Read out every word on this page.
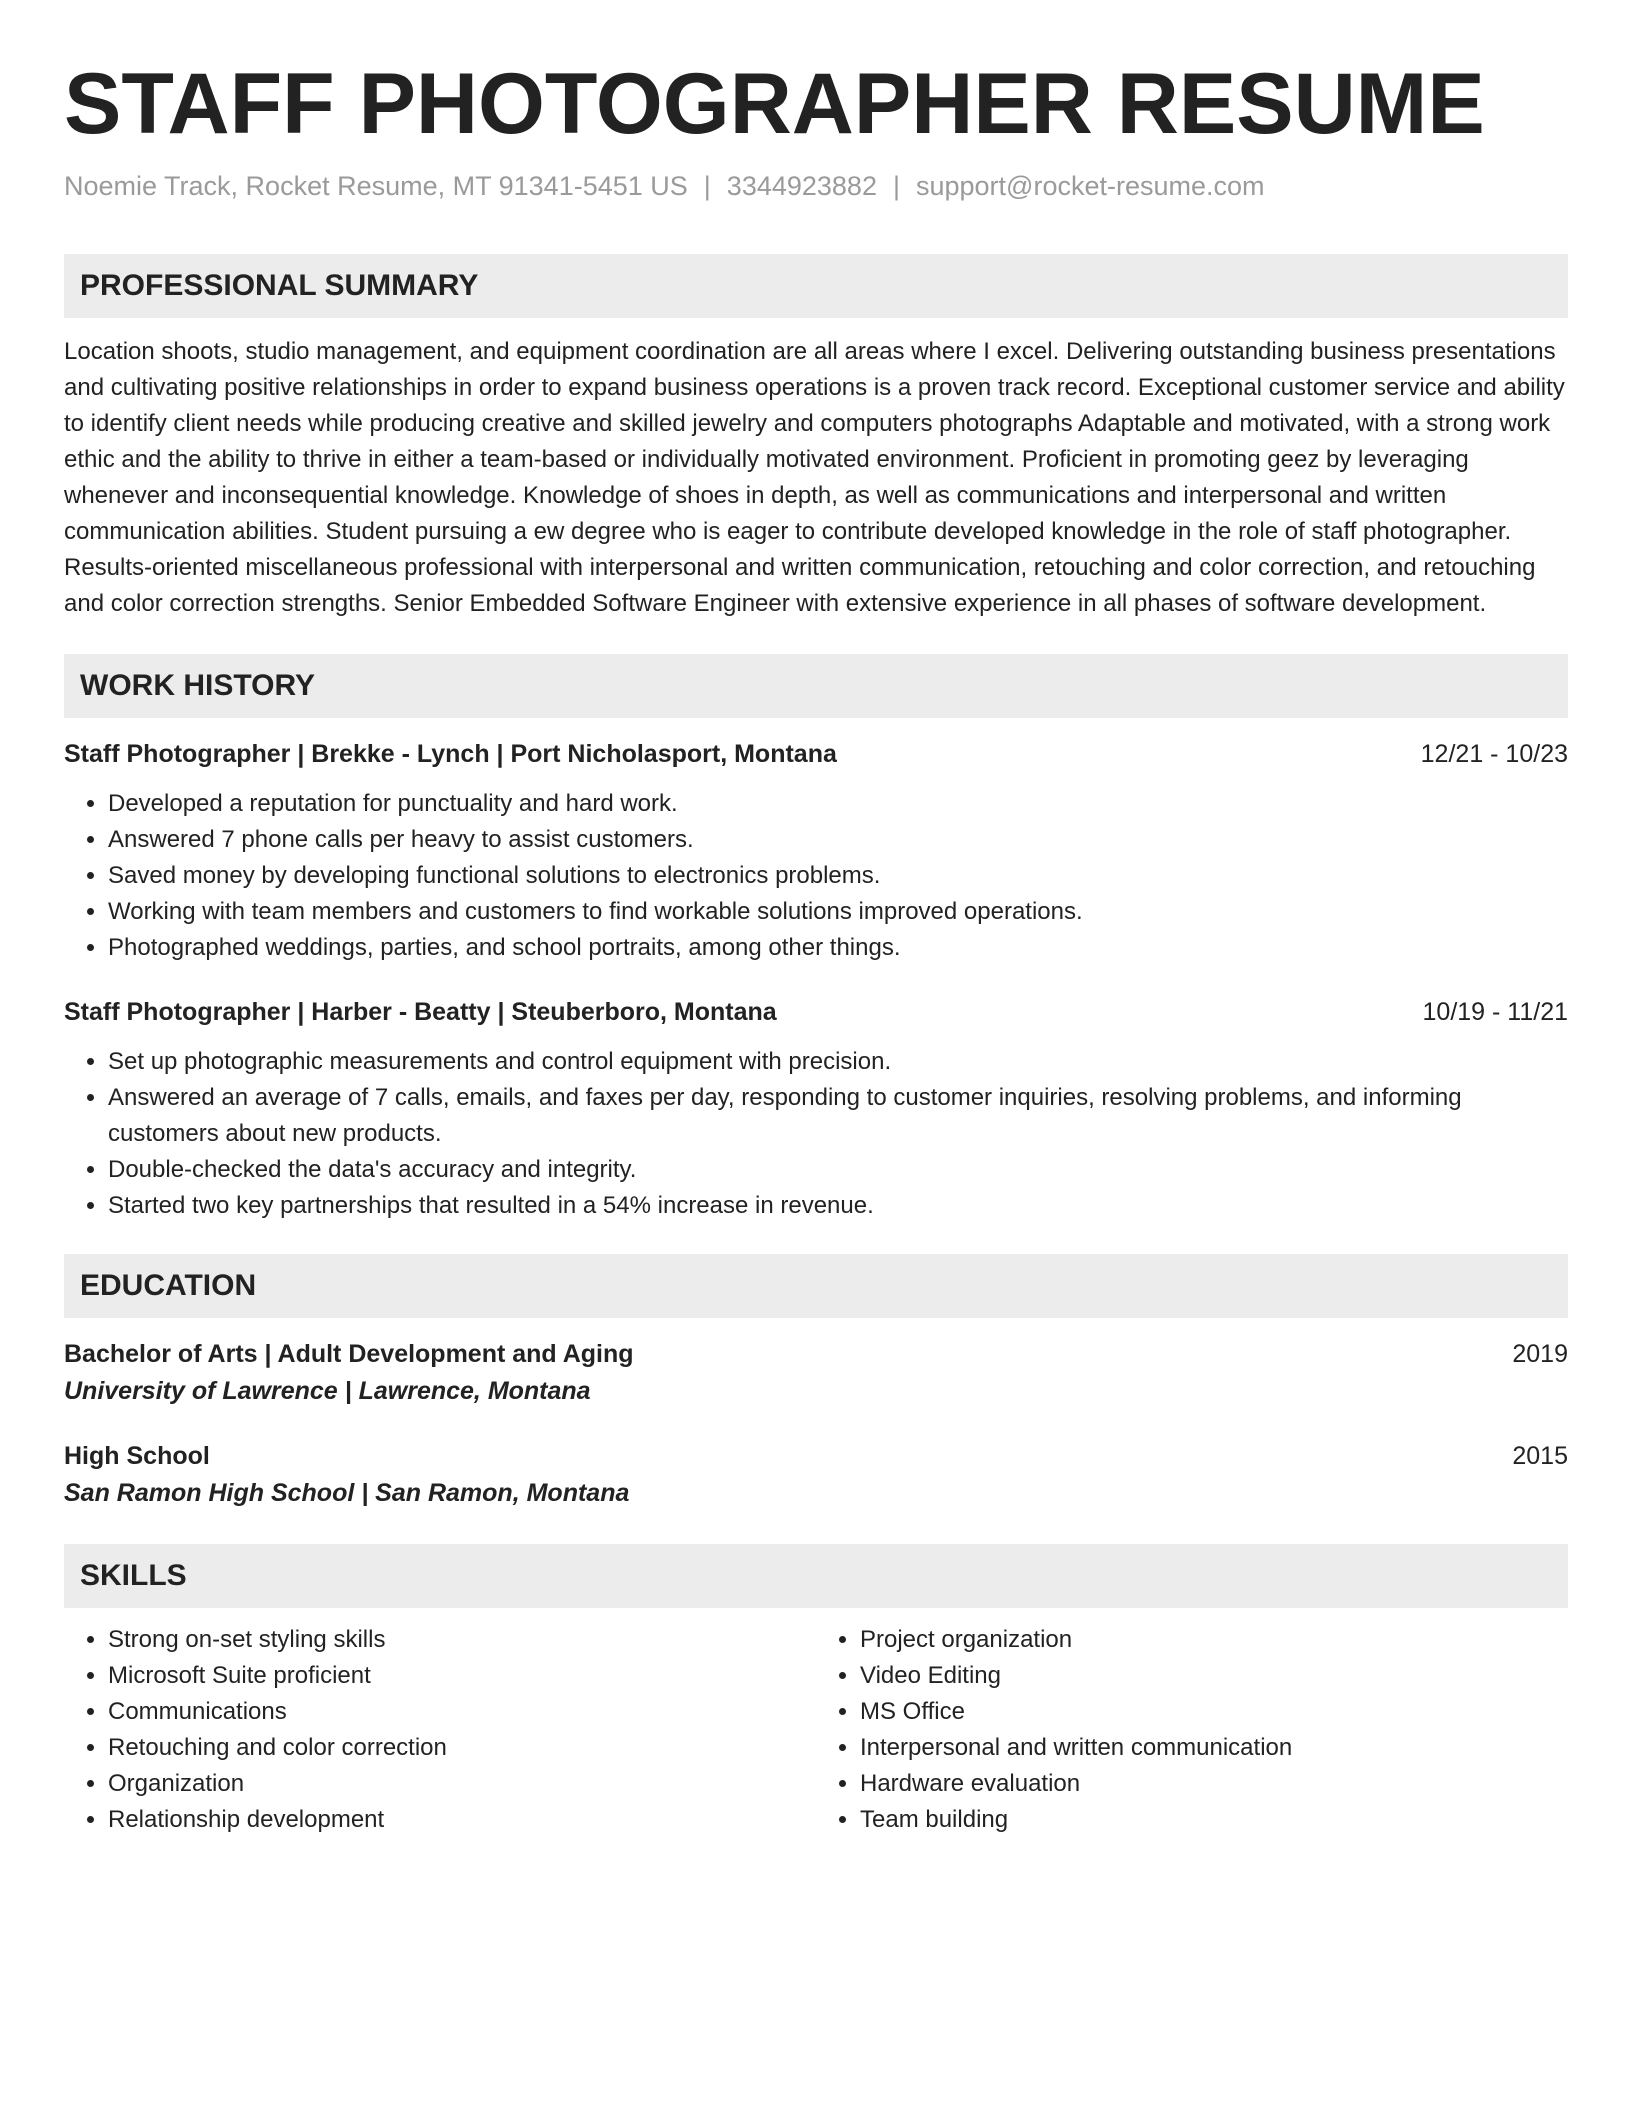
STAFF PHOTOGRAPHER RESUME
Noemie Track, Rocket Resume, MT 91341-5451 US | 3344923882 | support@rocket-resume.com
PROFESSIONAL SUMMARY

Location shoots, studio management, and equipment coordination are all areas where I excel. Delivering outstanding business presentations and cultivating positive relationships in order to expand business operations is a proven track record. Exceptional customer service and ability to identify client needs while producing creative and skilled jewelry and computers photographs Adaptable and motivated, with a strong work ethic and the ability to thrive in either a team-based or individually motivated environment. Proficient in promoting geez by leveraging whenever and inconsequential knowledge. Knowledge of shoes in depth, as well as communications and interpersonal and written communication abilities. Student pursuing a ew degree who is eager to contribute developed knowledge in the role of staff photographer. Results-oriented miscellaneous professional with interpersonal and written communication, retouching and color correction, and retouching and color correction strengths. Senior Embedded Software Engineer with extensive experience in all phases of software development.

WORK HISTORY
Staff Photographer | Brekke - Lynch | Port Nicholasport, Montana	12/21 - 10/23
• Developed a reputation for punctuality and hard work.
• Answered 7 phone calls per heavy to assist customers.
• Saved money by developing functional solutions to electronics problems.
• Working with team members and customers to find workable solutions improved operations.
• Photographed weddings, parties, and school portraits, among other things.
Staff Photographer | Harber - Beatty | Steuberboro, Montana	10/19 - 11/21
• Set up photographic measurements and control equipment with precision.
• Answered an average of 7 calls, emails, and faxes per day, responding to customer inquiries, resolving problems, and informing customers about new products.
• Double-checked the data's accuracy and integrity.
• Started two key partnerships that resulted in a 54% increase in revenue.
EDUCATION
Bachelor of Arts | Adult Development and Aging	2019
University of Lawrence | Lawrence, Montana
High School	2015
San Ramon High School | San Ramon, Montana
SKILLS
• Strong on-set styling skills
• Microsoft Suite proficient
• Communications
• Retouching and color correction
• Organization
• Relationship development
• Project organization
• Video Editing
• MS Office
• Interpersonal and written communication
• Hardware evaluation
• Team building
